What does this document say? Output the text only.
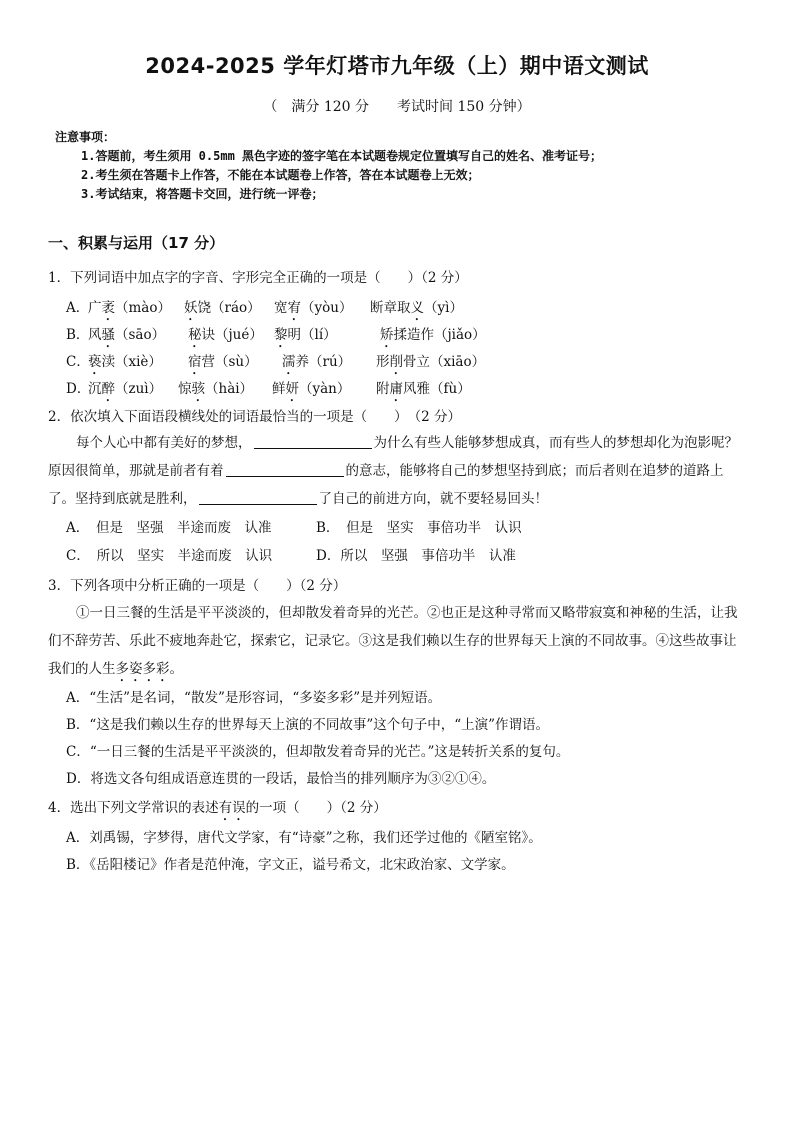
2024-2025 学年灯塔市九年级（上）期中语文测试
（　满分 120 分　　考试时间 150 分钟）
注意事项：
1.答题前，考生须用 0.5mm 黑色字迹的签字笔在本试题卷规定位置填写自己的姓名、准考证号；
2.考生须在答题卡上作答，不能在本试题卷上作答，答在本试题卷上无效；
3.考试结束，将答题卡交回，进行统一评卷；
一、积累与运用（17 分）
1．下列词语中加点字的字音、字形完全正确的一项是（　　）（2 分）
A．
广袤（mào） 妖饶（ráo） 宽宥（yòu） 断章取义（yì）
B．
风骚（sāo） 秘诀（jué） 黎明（lí）	矫揉造作（jiǎo）
C．
亵渎（xiè） 宿营（sù） 濡养（rú） 形削骨立（xiāo）
D．
沉醉（zuì） 惊骇（hài） 鲜妍（yàn） 附庸风雅（fù）
2．依次填入下面语段横线处的词语最恰当的一项是（　　）　（2 分）
每个人心中都有美好的梦想，	为什么有些人能够梦想成真，而有些人的梦想却化为泡影呢？原因很简单，那就是前者有着	的意志，能够将自己的梦想坚持到底；而后者则在追梦的道路上了。坚持到底就是胜利，	了自己的前进方向，就不要轻易回头！
A．　但是　坚强　半途而废　认准	B．　但是　坚实　事倍功半　认识
C．　所以　坚实　半途而废　认识	D．所以　坚强　事倍功半　认准
3．下列各项中分析正确的一项是（　　）（2 分）
①一日三餐的生活是平平淡淡的，但却散发着奇异的光芒。②也正是这种寻常而又略带寂寞和神秘的生活，让我们不辞劳苦、乐此不疲地奔赴它，探索它，记录它。③这是我们赖以生存的世界每天上演的不同故事。④这些故事让我们的人生多姿多彩。
A．“生活”是名词，“散发”是形容词，“多姿多彩”是并列短语。
B．“这是我们赖以生存的世界每天上演的不同故事”这个句子中，“上演”作谓语。
C．“一日三餐的生活是平平淡淡的，但却散发着奇异的光芒。”这是转折关系的复句。
D．将选文各句组成语意连贯的一段话，最恰当的排列顺序为③②①④。
4．选出下列文学常识的表述有误的一项（　　）（2 分）
A．刘禹锡，字梦得，唐代文学家，有“诗豪”之称，我们还学过他的《陋室铭》。
B．《岳阳楼记》作者是范仲淹，字文正，谥号希文，北宋政治家、文学家。
